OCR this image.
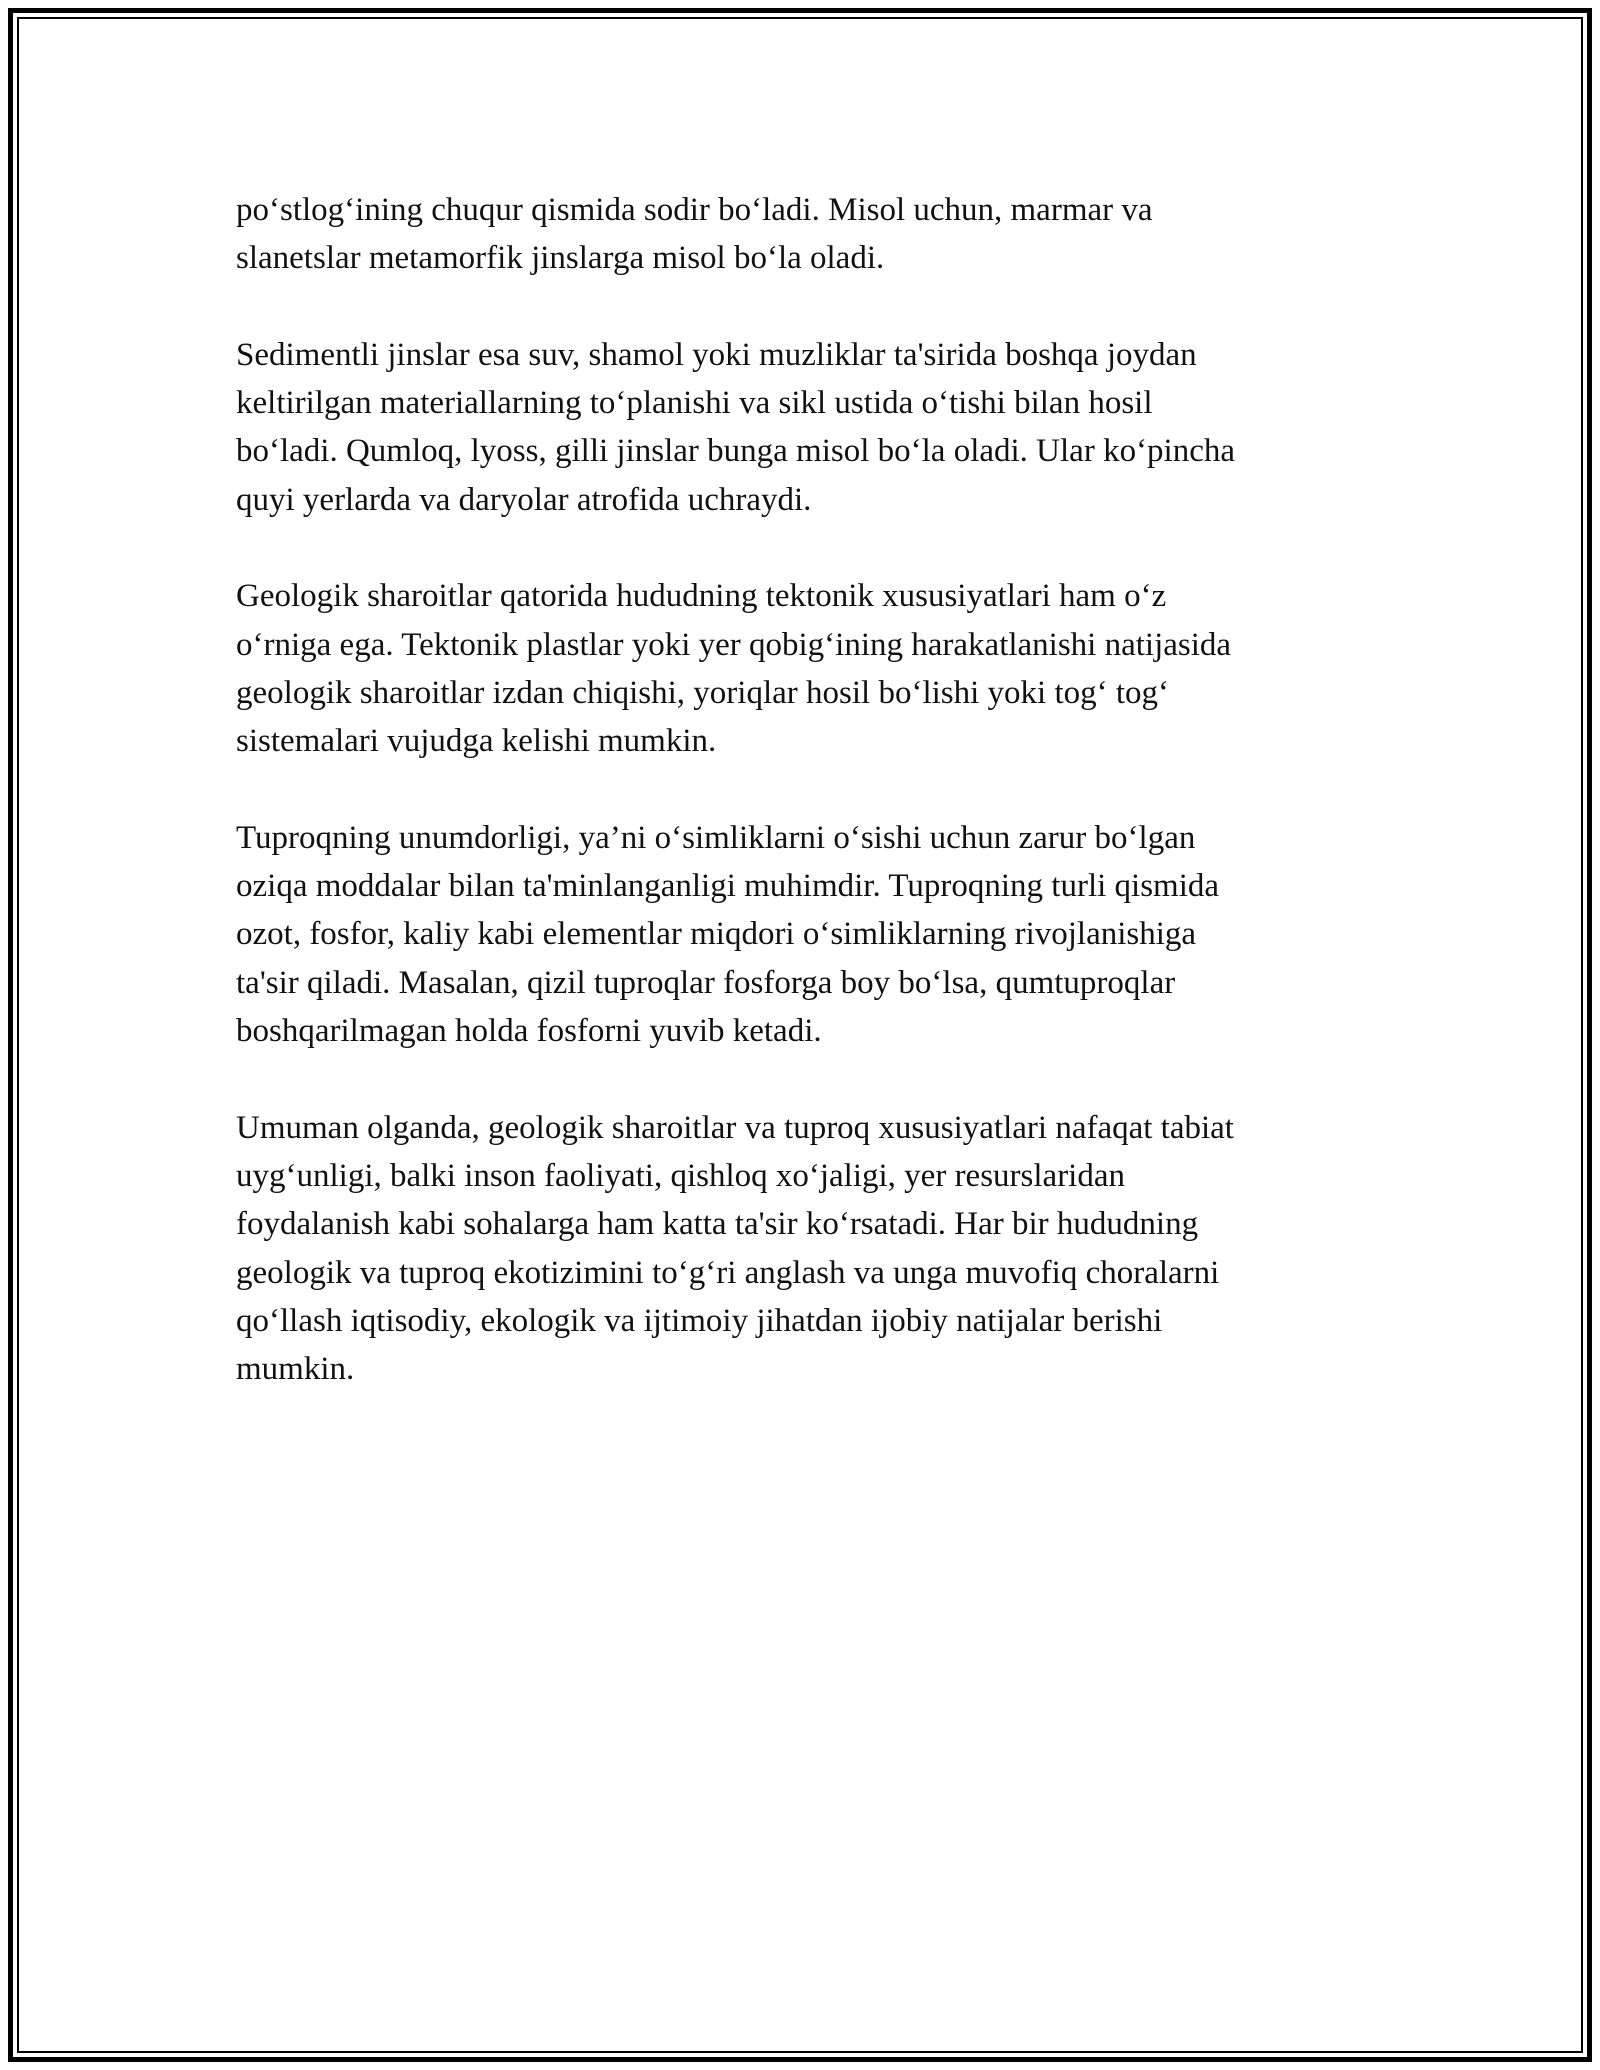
po‘stlog‘ining chuqur qismida sodir bo‘ladi. Misol uchun, marmar va
slanetslar metamorfik jinslarga misol bo‘la oladi.

Sedimentli jinslar esa suv, shamol yoki muzliklar ta'sirida boshqa joydan
keltirilgan materiallarning to‘planishi va sikl ustida o‘tishi bilan hosil
bo‘ladi. Qumloq, lyoss, gilli jinslar bunga misol bo‘la oladi. Ular ko‘pincha
quyi yerlarda va daryolar atrofida uchraydi.

Geologik sharoitlar qatorida hududning tektonik xususiyatlari ham o‘z
o‘rniga ega. Tektonik plastlar yoki yer qobig‘ining harakatlanishi natijasida
geologik sharoitlar izdan chiqishi, yoriqlar hosil bo‘lishi yoki tog‘ tog‘
sistemalari vujudga kelishi mumkin.

Tuproqning unumdorligi, ya’ni o‘simliklarni o‘sishi uchun zarur bo‘lgan
oziqa moddalar bilan ta'minlanganligi muhimdir. Tuproqning turli qismida
ozot, fosfor, kaliy kabi elementlar miqdori o‘simliklarning rivojlanishiga
ta'sir qiladi. Masalan, qizil tuproqlar fosforga boy bo‘lsa, qumtuproqlar
boshqarilmagan holda fosforni yuvib ketadi.

Umuman olganda, geologik sharoitlar va tuproq xususiyatlari nafaqat tabiat
uyg‘unligi, balki inson faoliyati, qishloq xo‘jaligi, yer resurslaridan
foydalanish kabi sohalarga ham katta ta'sir ko‘rsatadi. Har bir hududning
geologik va tuproq ekotizimini to‘g‘ri anglash va unga muvofiq choralarni
qo‘llash iqtisodiy, ekologik va ijtimoiy jihatdan ijobiy natijalar berishi
mumkin.
